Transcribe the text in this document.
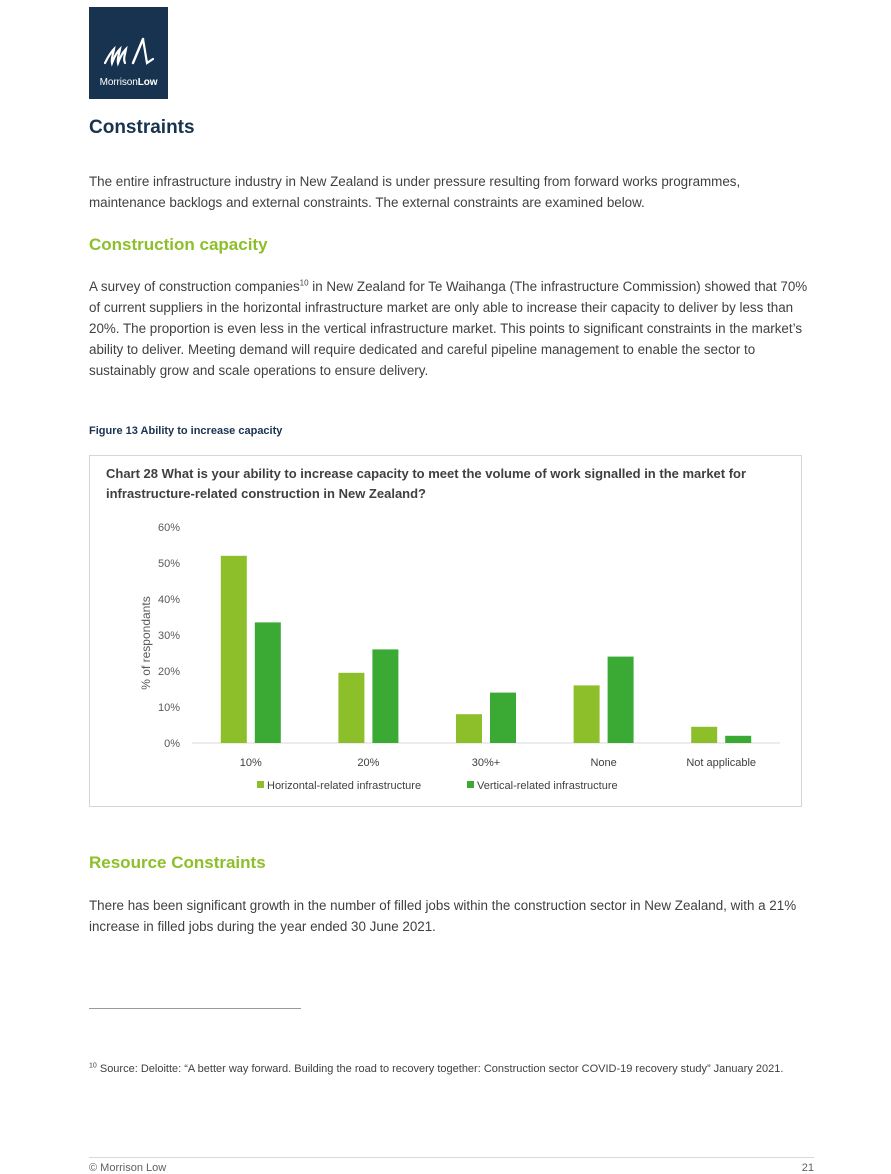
MorrisonLow
Constraints

The entire infrastructure industry in New Zealand is under pressure resulting from forward works programmes, maintenance backlogs and external constraints. The external constraints are examined below.

Construction capacity

A survey of construction companies$^{10}$ in New Zealand for Te Waihanga (The infrastructure Commission) showed that 70% of current suppliers in the horizontal infrastructure market are only able to increase their capacity to deliver by less than 20%. The proportion is even less in the vertical infrastructure market. This points to significant constraints in the market’s ability to deliver. Meeting demand will require dedicated and careful pipeline management to enable the sector to sustainably grow and scale operations to ensure delivery.

Figure 13 Ability to increase capacity
Chart 28 What is your ability to increase capacity to meet the volume of work signalled in the market for infrastructure-related construction in New Zealand?
0%
10%
20%
30%
40%
50%
60%
% of respondants
10%	20%	30%+	None	Not applicable
Horizontal-related infrastructure	Vertical-related infrastructure
Resource Constraints

There has been significant growth in the number of filled jobs within the construction sector in New Zealand, with a 21% increase in filled jobs during the year ended 30 June 2021.

$^{10}$ Source: Deloitte: “A better way forward. Building the road to recovery together: Construction sector COVID-19 recovery study” January 2021.
© Morrison Low	21
